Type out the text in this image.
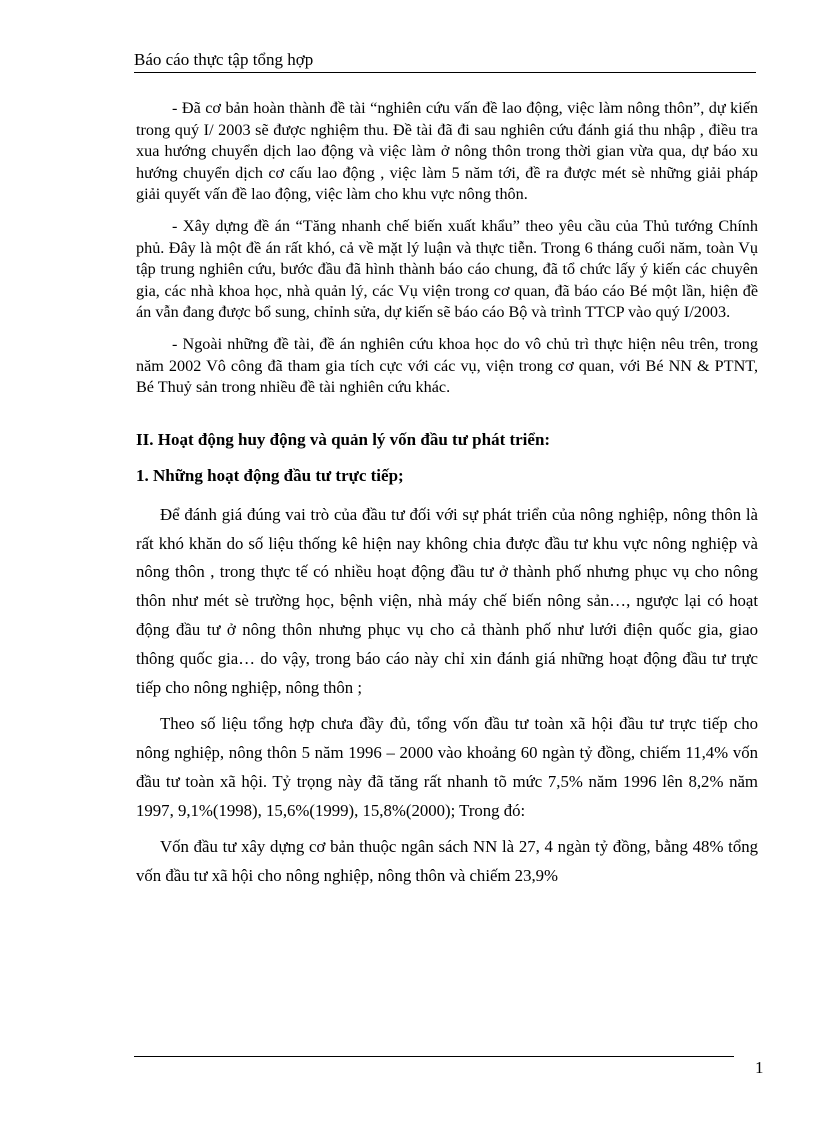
Báo cáo thực tập tổng hợp

- Đã cơ bản hoàn thành đề tài “nghiên cứu vấn đề lao động, việc làm nông thôn”, dự kiến trong quý I/ 2003 sẽ được nghiệm thu. Đề tài đã đi sau nghiên cứu đánh giá thu nhập , điều tra xua hướng chuyển dịch lao động và việc làm ở nông thôn trong thời gian vừa qua, dự báo xu hướng chuyển dịch cơ cấu lao động , việc làm 5 năm tới, đề ra được mét sè những giải pháp giải quyết vấn đề lao động, việc làm cho khu vực nông thôn.

- Xây dựng đề án “Tăng nhanh chế biến xuất khẩu” theo yêu cầu của Thủ tướng Chính phủ. Đây là một đề án rất khó, cả về mặt lý luận và thực tiễn. Trong 6 tháng cuối năm, toàn Vụ tập trung nghiên cứu, bước đầu đã hình thành báo cáo chung, đã tổ chức lấy ý kiến các chuyên gia, các nhà khoa học, nhà quản lý, các Vụ viện trong cơ quan, đã báo cáo Bé một lần, hiện đề án vẫn đang được bổ sung, chỉnh sửa, dự kiến sẽ báo cáo Bộ và trình TTCP vào quý I/2003.

- Ngoài những đề tài, đề án nghiên cứu khoa học do vô chủ trì thực hiện nêu trên, trong năm 2002 Vô công đã tham gia tích cực với các vụ, viện trong cơ quan, với Bé NN & PTNT, Bé Thuỷ sản trong nhiều đề tài nghiên cứu khác.

II. Hoạt động huy động và quản lý vốn đầu tư phát triển:

1. Những hoạt động đầu tư trực tiếp;

Để đánh giá đúng vai trò của đầu tư đối với sự phát triển của nông nghiệp, nông thôn là rất khó khăn do số liệu thống kê hiện nay không chia được đầu tư khu vực nông nghiệp và nông thôn , trong thực tế có nhiều hoạt động đầu tư ở thành phố nhưng phục vụ cho nông thôn như mét sè trường học, bệnh viện, nhà máy chế biến nông sản…, ngược lại có hoạt động đầu tư ở nông thôn nhưng phục vụ cho cả thành phố như lưới điện quốc gia, giao thông quốc gia… do vậy, trong báo cáo này chỉ xin đánh giá những hoạt động đầu tư trực tiếp cho nông nghiệp, nông thôn ;

Theo số liệu tổng hợp chưa đầy đủ, tổng vốn đầu tư toàn xã hội đầu tư trực tiếp cho nông nghiệp, nông thôn 5 năm 1996 – 2000 vào khoảng 60 ngàn tỷ đồng, chiếm 11,4% vốn đầu tư toàn xã hội. Tỷ trọng này đã tăng rất nhanh tõ mức 7,5% năm 1996 lên 8,2% năm 1997, 9,1%(1998), 15,6%(1999), 15,8%(2000); Trong đó:

Vốn đầu tư xây dựng cơ bản thuộc ngân sách NN là 27, 4 ngàn tỷ đồng, bằng 48% tổng vốn đầu tư xã hội cho nông nghiệp, nông thôn và chiếm 23,9%

1
